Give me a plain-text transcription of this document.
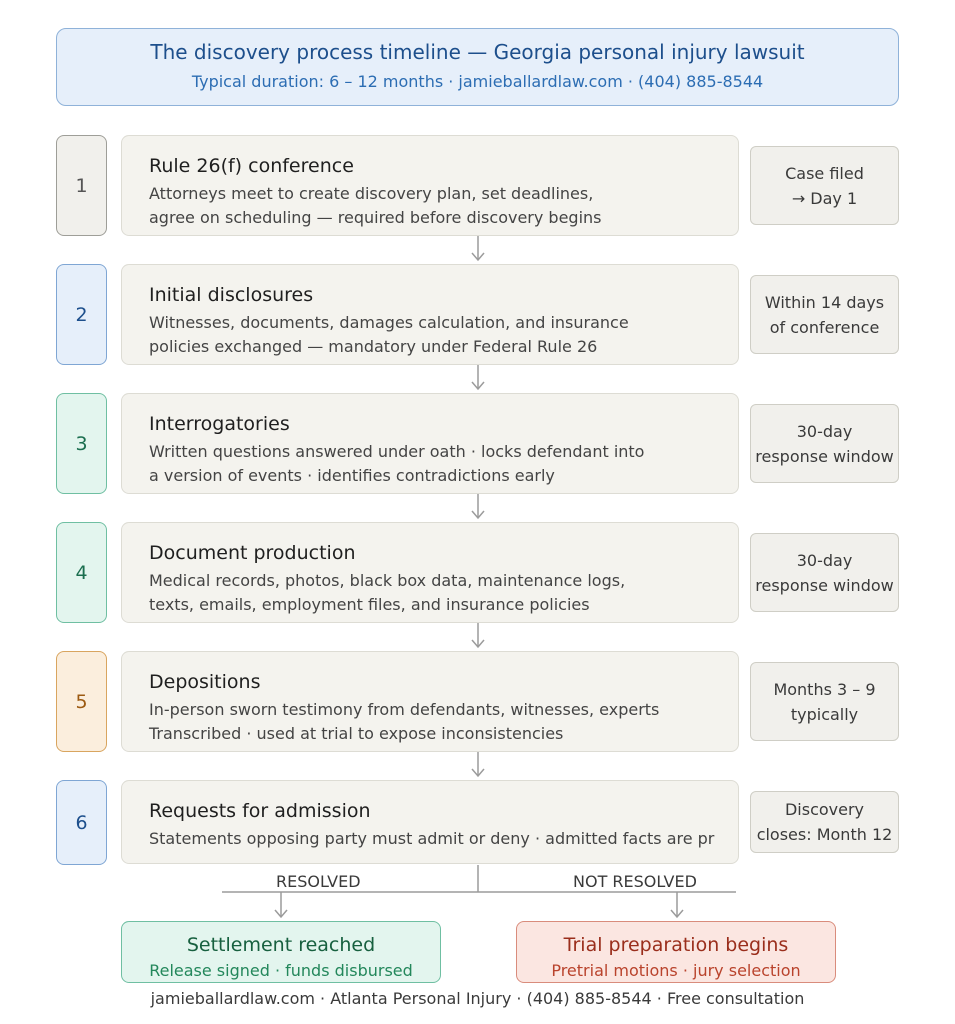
The discovery process timeline — Georgia personal injury lawsuit
Typical duration: 6 – 12 months · jamieballardlaw.com · (404) 885-8544
1
Rule 26(f) conference
Attorneys meet to create discovery plan, set deadlines,
agree on scheduling — required before discovery begins
Case filed
→ Day 1
2
Initial disclosures
Witnesses, documents, damages calculation, and insurance
policies exchanged — mandatory under Federal Rule 26
Within 14 days
of conference
3
Interrogatories
Written questions answered under oath · locks defendant into
a version of events · identifies contradictions early
30-day
response window
4
Document production
Medical records, photos, black box data, maintenance logs,
texts, emails, employment files, and insurance policies
30-day
response window
5
Depositions
In-person sworn testimony from defendants, witnesses, experts
Transcribed · used at trial to expose inconsistencies
Months 3 – 9
typically
6
Requests for admission
Statements opposing party must admit or deny · admitted facts are pr
Discovery
closes: Month 12
RESOLVED	NOT RESOLVED
Settlement reached
Release signed · funds disbursed
Trial preparation begins
Pretrial motions · jury selection
jamieballardlaw.com · Atlanta Personal Injury · (404) 885-8544 · Free consultation
